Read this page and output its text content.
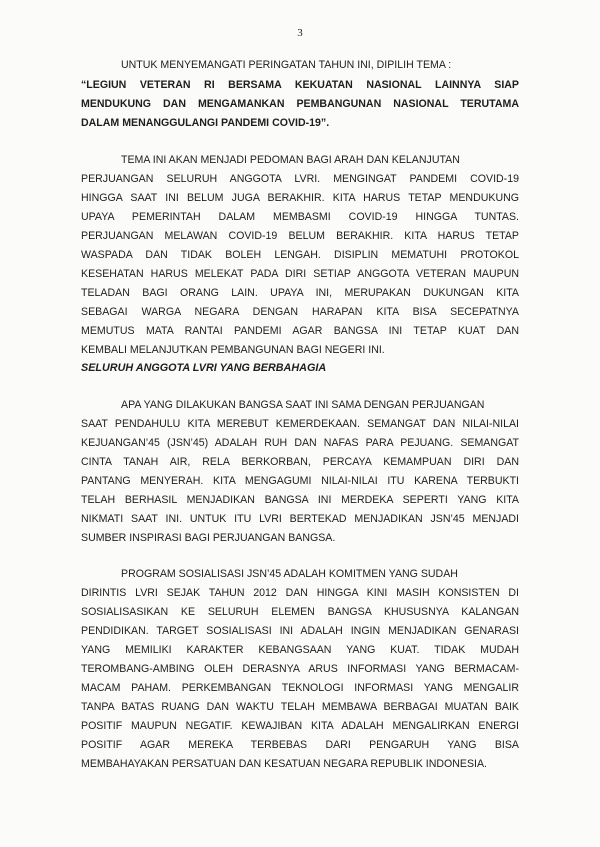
3
UNTUK MENYEMANGATI PERINGATAN TAHUN INI, DIPILIH TEMA :
“LEGIUN VETERAN RI BERSAMA KEKUATAN NASIONAL LAINNYA SIAP
MENDUKUNG DAN MENGAMANKAN PEMBANGUNAN NASIONAL TERUTAMA
DALAM MENANGGULANGI PANDEMI COVID-19”.
TEMA INI AKAN MENJADI PEDOMAN BAGI ARAH DAN KELANJUTAN
PERJUANGAN SELURUH ANGGOTA LVRI. MENGINGAT PANDEMI COVID-19
HINGGA SAAT INI BELUM JUGA BERAKHIR. KITA HARUS TETAP MENDUKUNG
UPAYA PEMERINTAH DALAM MEMBASMI COVID-19 HINGGA TUNTAS.
PERJUANGAN MELAWAN COVID-19 BELUM BERAKHIR. KITA HARUS TETAP
WASPADA DAN TIDAK BOLEH LENGAH. DISIPLIN MEMATUHI PROTOKOL
KESEHATAN HARUS MELEKAT PADA DIRI SETIAP ANGGOTA VETERAN MAUPUN
TELADAN BAGI ORANG LAIN. UPAYA INI, MERUPAKAN DUKUNGAN KITA
SEBAGAI WARGA NEGARA DENGAN HARAPAN KITA BISA SECEPATNYA
MEMUTUS MATA RANTAI PANDEMI AGAR BANGSA INI TETAP KUAT DAN
KEMBALI MELANJUTKAN PEMBANGUNAN BAGI NEGERI INI.
SELURUH ANGGOTA LVRI YANG BERBAHAGIA
APA YANG DILAKUKAN BANGSA SAAT INI SAMA DENGAN PERJUANGAN
SAAT PENDAHULU KITA MEREBUT KEMERDEKAAN. SEMANGAT DAN NILAI-NILAI
KEJUANGAN’45 (JSN’45) ADALAH RUH DAN NAFAS PARA PEJUANG. SEMANGAT
CINTA TANAH AIR, RELA BERKORBAN, PERCAYA KEMAMPUAN DIRI DAN
PANTANG MENYERAH. KITA MENGAGUMI NILAI-NILAI ITU KARENA TERBUKTI
TELAH BERHASIL MENJADIKAN BANGSA INI MERDEKA SEPERTI YANG KITA
NIKMATI SAAT INI. UNTUK ITU LVRI BERTEKAD MENJADIKAN JSN’45 MENJADI
SUMBER INSPIRASI BAGI PERJUANGAN BANGSA.
PROGRAM SOSIALISASI JSN’45 ADALAH KOMITMEN YANG SUDAH
DIRINTIS LVRI SEJAK TAHUN 2012 DAN HINGGA KINI MASIH KONSISTEN DI
SOSIALISASIKAN KE SELURUH ELEMEN BANGSA KHUSUSNYA KALANGAN
PENDIDIKAN. TARGET SOSIALISASI INI ADALAH INGIN MENJADIKAN GENARASI
YANG MEMILIKI KARAKTER KEBANGSAAN YANG KUAT. TIDAK MUDAH
TEROMBANG-AMBING OLEH DERASNYA ARUS INFORMASI YANG BERMACAM-
MACAM PAHAM. PERKEMBANGAN TEKNOLOGI INFORMASI YANG MENGALIR
TANPA BATAS RUANG DAN WAKTU TELAH MEMBAWA BERBAGAI MUATAN BAIK
POSITIF MAUPUN NEGATIF. KEWAJIBAN KITA ADALAH MENGALIRKAN ENERGI
POSITIF AGAR MEREKA TERBEBAS DARI PENGARUH YANG BISA
MEMBAHAYAKAN PERSATUAN DAN KESATUAN NEGARA REPUBLIK INDONESIA.
